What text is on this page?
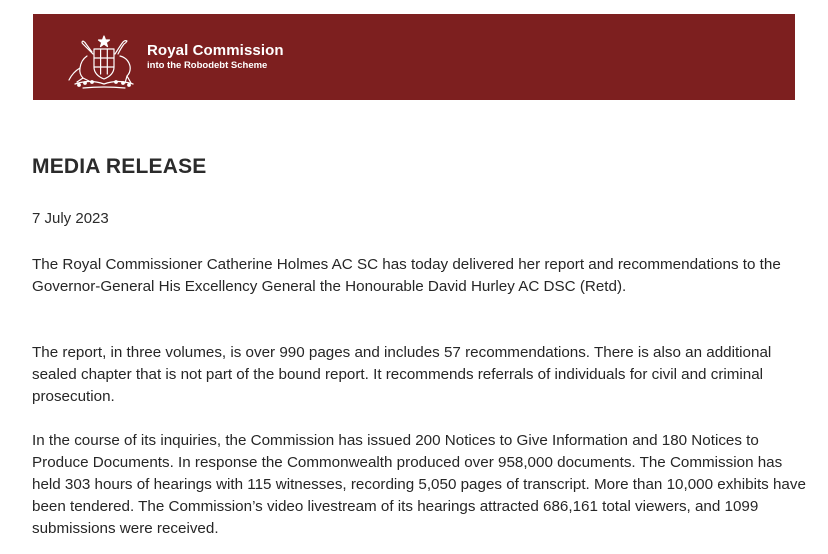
Royal Commission
into the Robodebt Scheme
MEDIA RELEASE
7 July 2023

The Royal Commissioner Catherine Holmes AC SC has today delivered her report and recommendations to the Governor-General His Excellency General the Honourable David Hurley AC DSC (Retd).

The report, in three volumes, is over 990 pages and includes 57 recommendations. There is also an additional sealed chapter that is not part of the bound report. It recommends referrals of individuals for civil and criminal prosecution.

In the course of its inquiries, the Commission has issued 200 Notices to Give Information and 180 Notices to Produce Documents. In response the Commonwealth produced over 958,000 documents. The Commission has held 303 hours of hearings with 115 witnesses, recording 5,050 pages of transcript. More than 10,000 exhibits have been tendered. The Commission’s video livestream of its hearings attracted 686,161 total viewers, and 1099 submissions were received.
